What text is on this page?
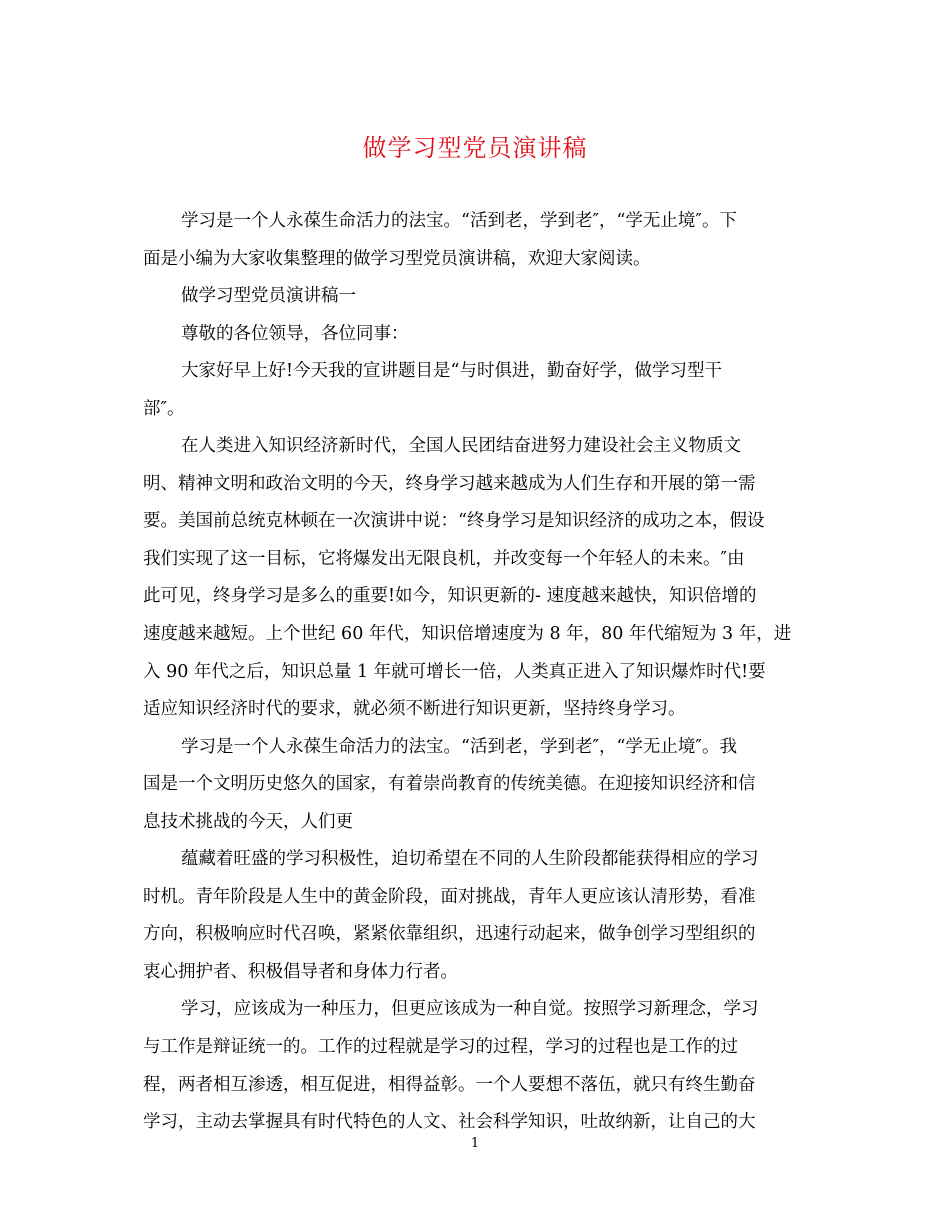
做学习型党员演讲稿
学习是一个人永葆生命活力的法宝。“活到老，学到老″，“学无止境″。下
面是小编为大家收集整理的做学习型党员演讲稿，欢迎大家阅读。
做学习型党员演讲稿一
尊敬的各位领导，各位同事：
大家好早上好!今天我的宣讲题目是“与时俱进，勤奋好学，做学习型干
部″。
在人类进入知识经济新时代，全国人民团结奋进努力建设社会主义物质文
明、精神文明和政治文明的今天，终身学习越来越成为人们生存和开展的第一需
要。美国前总统克林顿在一次演讲中说：“终身学习是知识经济的成功之本，假设
我们实现了这一目标，它将爆发出无限良机，并改变每一个年轻人的未来。″由
此可见，终身学习是多么的重要!如今，知识更新的- 速度越来越快，知识倍增的
速度越来越短。上个世纪 60 年代，知识倍增速度为 8 年，80 年代缩短为 3 年，进
入 90 年代之后，知识总量 1 年就可增长一倍，人类真正进入了知识爆炸时代!要
适应知识经济时代的要求，就必须不断进行知识更新，坚持终身学习。
学习是一个人永葆生命活力的法宝。“活到老，学到老″，“学无止境″。我
国是一个文明历史悠久的国家，有着崇尚教育的传统美德。在迎接知识经济和信
息技术挑战的今天，人们更
蕴藏着旺盛的学习积极性，迫切希望在不同的人生阶段都能获得相应的学习
时机。青年阶段是人生中的黄金阶段，面对挑战，青年人更应该认清形势，看准
方向，积极响应时代召唤，紧紧依靠组织，迅速行动起来，做争创学习型组织的
衷心拥护者、积极倡导者和身体力行者。
学习，应该成为一种压力，但更应该成为一种自觉。按照学习新理念，学习
与工作是辩证统一的。工作的过程就是学习的过程，学习的过程也是工作的过
程，两者相互渗透，相互促进，相得益彰。一个人要想不落伍，就只有终生勤奋
学习，主动去掌握具有时代特色的人文、社会科学知识，吐故纳新，让自己的大
1
